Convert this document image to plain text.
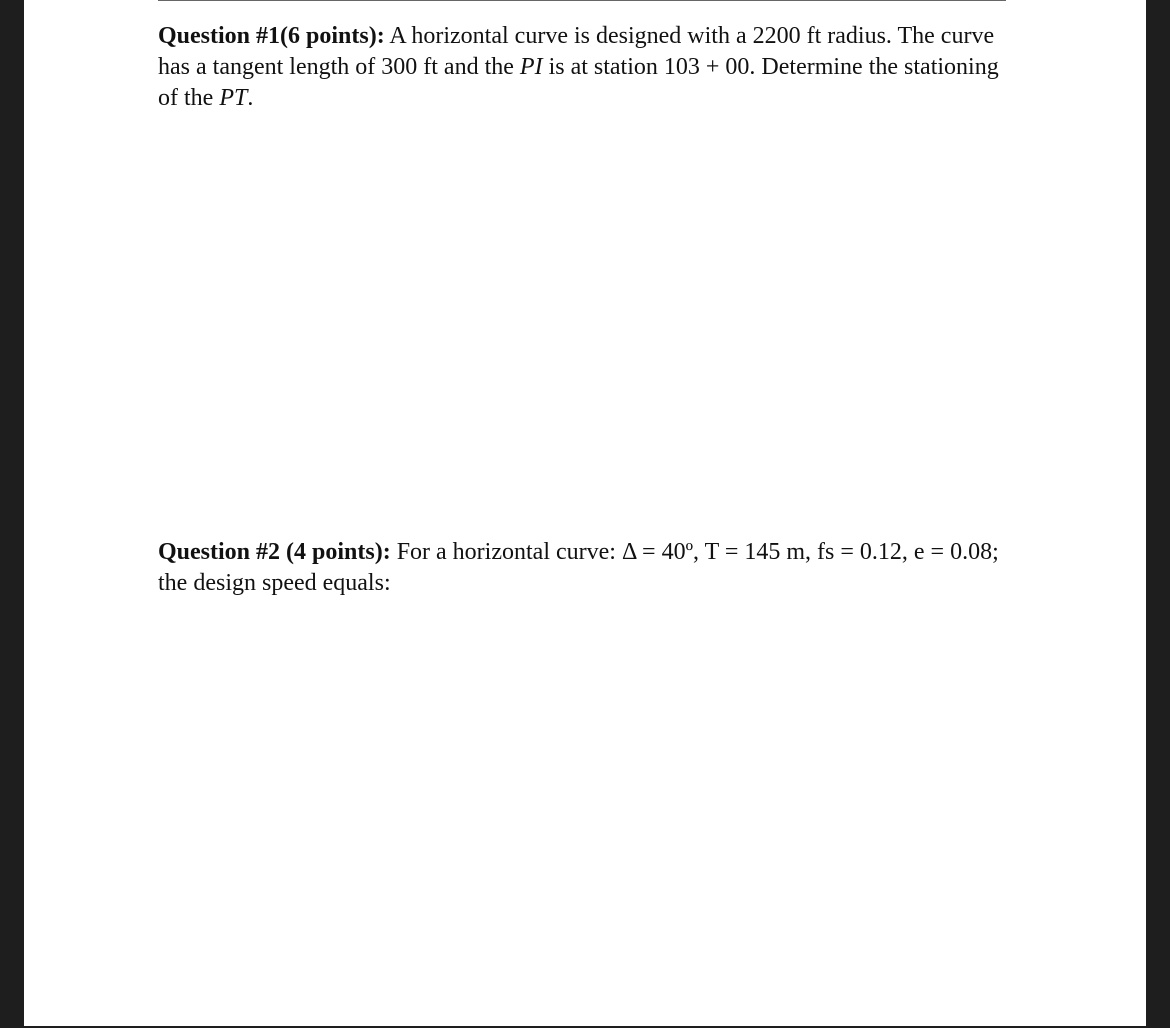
Question #1(6 points): A horizontal curve is designed with a 2200 ft radius. The curve has a tangent length of 300 ft and the PI is at station 103 + 00. Determine the stationing of the PT.

Question #2 (4 points): For a horizontal curve: Δ = 40º, T = 145 m, fs = 0.12, e = 0.08; the design speed equals:
